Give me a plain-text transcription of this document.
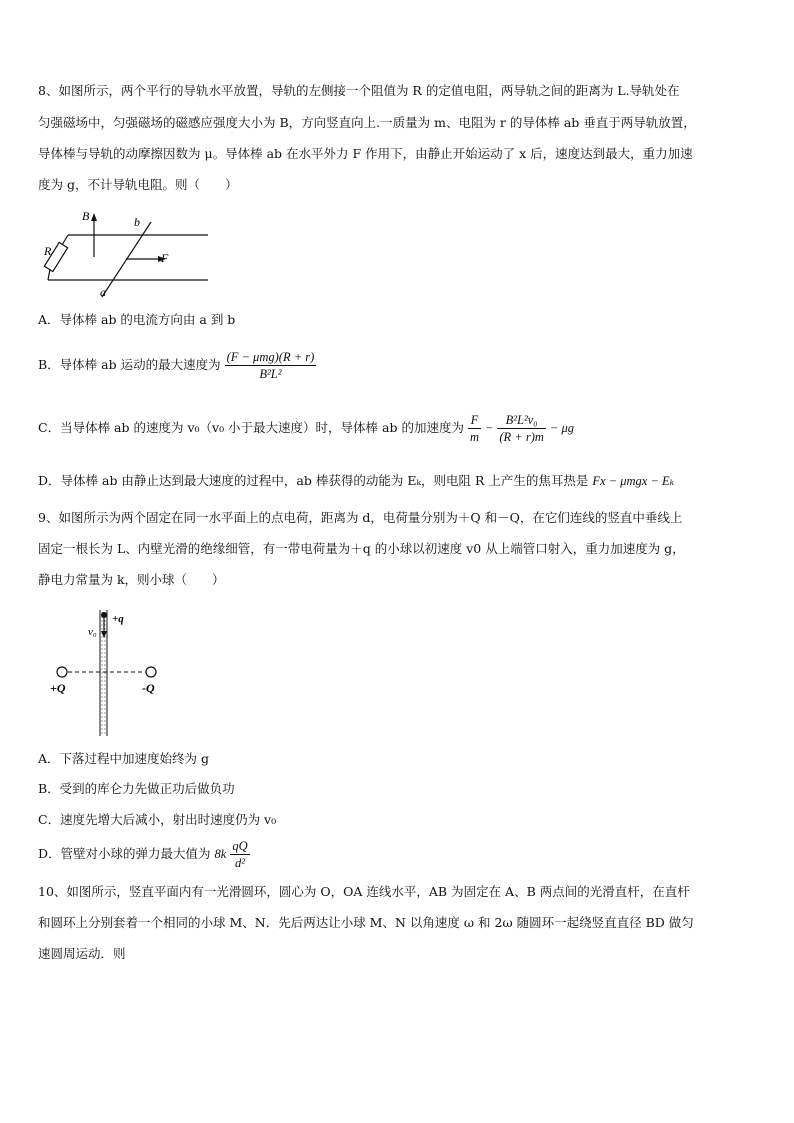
8、如图所示，两个平行的导轨水平放置，导轨的左侧接一个阻值为 R 的定值电阻，两导轨之间的距离为 L.导轨处在
匀强磁场中，匀强磁场的磁感应强度大小为 B，方向竖直向上.一质量为 m、电阻为 r 的导体棒 ab 垂直于两导轨放置，
导体棒与导轨的动摩擦因数为 μ。导体棒 ab 在水平外力 F 作用下，由静止开始运动了 x 后，速度达到最大，重力加速
度为 g，不计导轨电阻。则（　　）
B	b
R	F
a
A．导体棒 ab 的电流方向由 a 到 b
B．导体棒 ab 运动的最大速度为 $\frac{\text{(F − μmg)(R + r)}}{\text{B²L²}}$
C．当导体棒 ab 的速度为 v₀（v₀ 小于最大速度）时，导体棒 ab 的加速度为 $\frac{F}{m} - \frac{\text{B²L²v₀}}{(R + r)m} - \mu g$
D．导体棒 ab 由静止达到最大速度的过程中，ab 棒获得的动能为 Eₖ，则电阻 R 上产生的焦耳热是 Fx − μmgx − Eₖ
9、如图所示为两个固定在同一水平面上的点电荷，距离为 d，电荷量分别为＋Q 和－Q，在它们连线的竖直中垂线上
固定一根长为 L、内壁光滑的绝缘细管，有一带电荷量为＋q 的小球以初速度 v0 从上端管口射入，重力加速度为 g，
静电力常量为 k，则小球（　　）
v₀
+q
+Q	-Q
A．下落过程中加速度始终为 g
B．受到的库仑力先做正功后做负功
C．速度先增大后减小，射出时速度仍为 v₀
D．管壁对小球的弹力最大值为 $8k \frac{qQ}{\text{d²}}$
10、如图所示，竖直平面内有一光滑圆环，圆心为 O，OA 连线水平，AB 为固定在 A、B 两点间的光滑直杆，在直杆
和圆环上分别套着一个相同的小球 M、N．先后两达让小球 M、N 以角速度 ω 和 2ω 随圆环一起绕竖直直径 BD 做匀
速圆周运动．则
